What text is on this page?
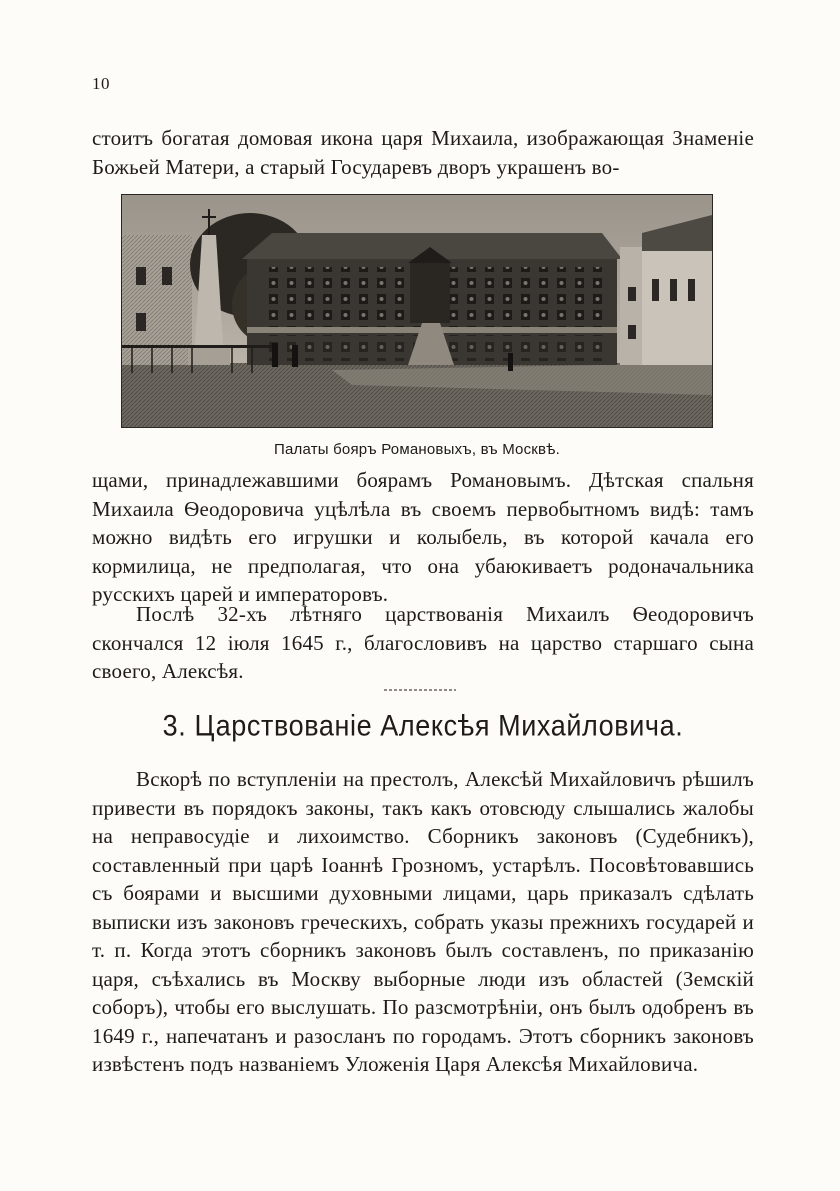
10

стоитъ богатая домовая икона царя Михаила, изображающая Знаменіе Божьей Матери, а старый Государевъ дворъ украшенъ во-

Палаты бояръ Романовыхъ, въ Москвѣ.

щами, принадлежавшими боярамъ Романовымъ. Дѣтская спальня Михаила Ѳеодоровича уцѣлѣла въ своемъ первобытномъ видѣ: тамъ можно видѣть его игрушки и колыбель, въ которой качала его кормилица, не предполагая, что она убаюкиваетъ родоначальника русскихъ царей и императоровъ.

Послѣ 32-хъ лѣтняго царствованія Михаилъ Ѳеодоровичъ скончался 12 іюля 1645 г., благословивъ на царство старшаго сына своего, Алексѣя.

3. Царствованіе Алексѣя Михайловича.

Вскорѣ по вступленіи на престолъ, Алексѣй Михайловичъ рѣшилъ привести въ порядокъ законы, такъ какъ отовсюду слышались жалобы на неправосудіе и лихоимство. Сборникъ законовъ (Судебникъ), составленный при царѣ Іоаннѣ Грозномъ, устарѣлъ. Посовѣтовавшись съ боярами и высшими духовными лицами, царь приказалъ сдѣлать выписки изъ законовъ греческихъ, собрать указы прежнихъ государей и т. п. Когда этотъ сборникъ законовъ былъ составленъ, по приказанію царя, съѣхались въ Москву выборные люди изъ областей (Земскій соборъ), чтобы его выслушать. По разсмотрѣніи, онъ былъ одобренъ въ 1649 г., напечатанъ и разосланъ по городамъ. Этотъ сборникъ законовъ извѣстенъ подъ названіемъ Уложенія Царя Алексѣя Михайловича.
